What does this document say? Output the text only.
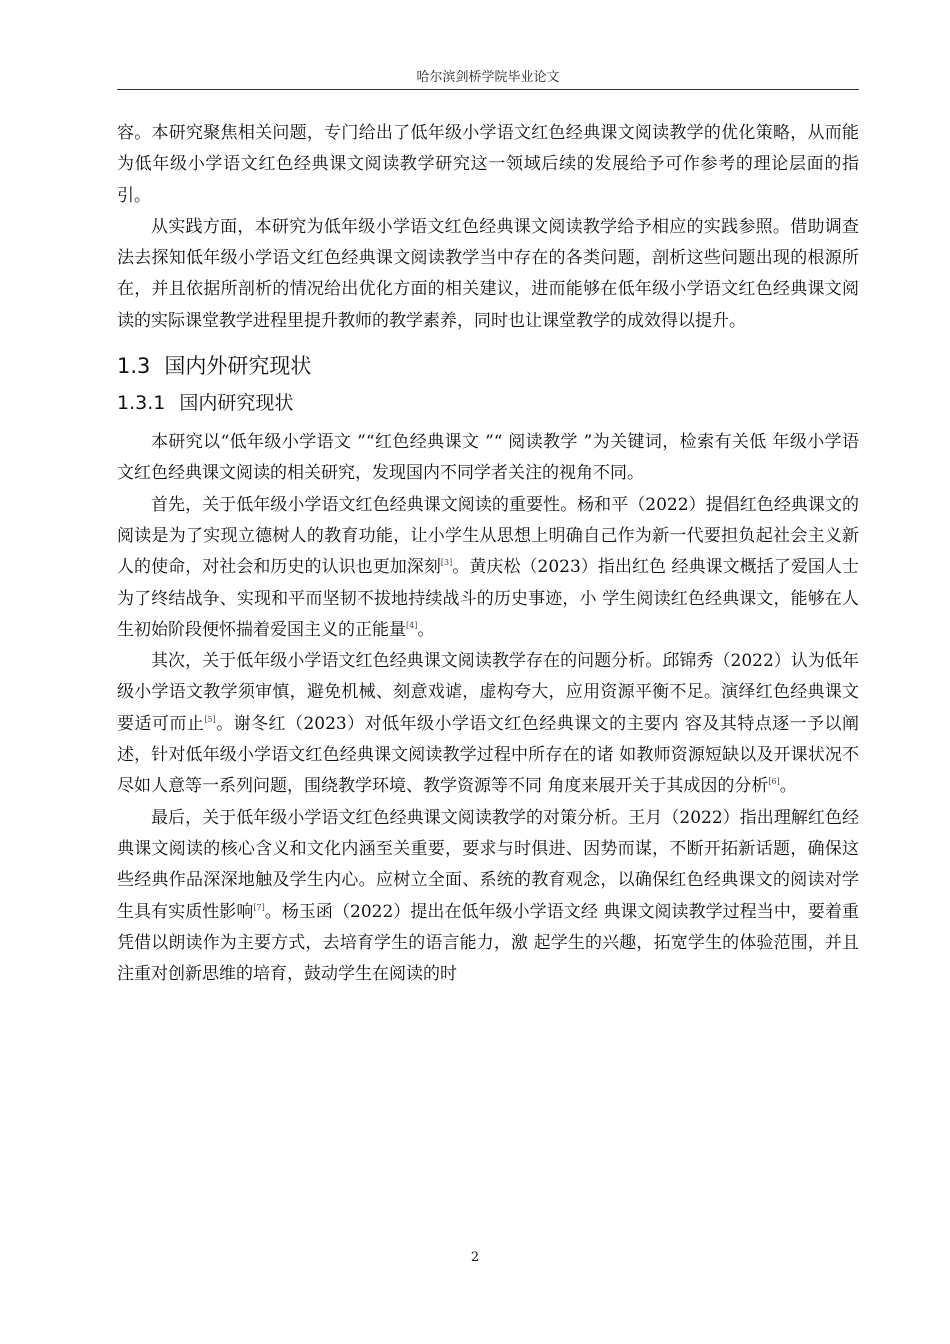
哈尔滨剑桥学院毕业论文

容。本研究聚焦相关问题，专门给出了低年级小学语文红色经典课文阅读教学的优化策略，从而能为低年级小学语文红色经典课文阅读教学研究这一领域后续的发展给予可作参考的理论层面的指引。

从实践方面，本研究为低年级小学语文红色经典课文阅读教学给予相应的实践参照。借助调查法去探知低年级小学语文红色经典课文阅读教学当中存在的各类问题，剖析这些问题出现的根源所在，并且依据所剖析的情况给出优化方面的相关建议，进而能够在低年级小学语文红色经典课文阅读的实际课堂教学进程里提升教师的教学素养，同时也让课堂教学的成效得以提升。

1.3 国内外研究现状
1.3.1 国内研究现状

本研究以“低年级小学语文 ”“红色经典课文 ”“ 阅读教学 ”为关键词，检索有关低 年级小学语文红色经典课文阅读的相关研究，发现国内不同学者关注的视角不同。

首先，关于低年级小学语文红色经典课文阅读的重要性。杨和平（2022）提倡红色经典课文的阅读是为了实现立德树人的教育功能，让小学生从思想上明确自己作为新一代要担负起社会主义新人的使命，对社会和历史的认识也更加深刻[3]。黄庆松（2023）指出红色 经典课文概括了爱国人士为了终结战争、实现和平而坚韧不拔地持续战斗的历史事迹，小 学生阅读红色经典课文，能够在人生初始阶段便怀揣着爱国主义的正能量[4]。

其次，关于低年级小学语文红色经典课文阅读教学存在的问题分析。邱锦秀（2022）认为低年级小学语文教学须审慎，避免机械、刻意戏谑，虚构夸大，应用资源平衡不足。演绎红色经典课文要适可而止[5]。谢冬红（2023）对低年级小学语文红色经典课文的主要内 容及其特点逐一予以阐述，针对低年级小学语文红色经典课文阅读教学过程中所存在的诸 如教师资源短缺以及开课状况不尽如人意等一系列问题，围绕教学环境、教学资源等不同 角度来展开关于其成因的分析[6]。

最后，关于低年级小学语文红色经典课文阅读教学的对策分析。王月（2022）指出理解红色经典课文阅读的核心含义和文化内涵至关重要，要求与时俱进、因势而谋，不断开拓新话题，确保这些经典作品深深地触及学生内心。应树立全面、系统的教育观念，以确保红色经典课文的阅读对学生具有实质性影响[7]。杨玉函（2022）提出在低年级小学语文经 典课文阅读教学过程当中，要着重凭借以朗读作为主要方式，去培育学生的语言能力，激 起学生的兴趣，拓宽学生的体验范围，并且注重对创新思维的培育，鼓动学生在阅读的时

2
